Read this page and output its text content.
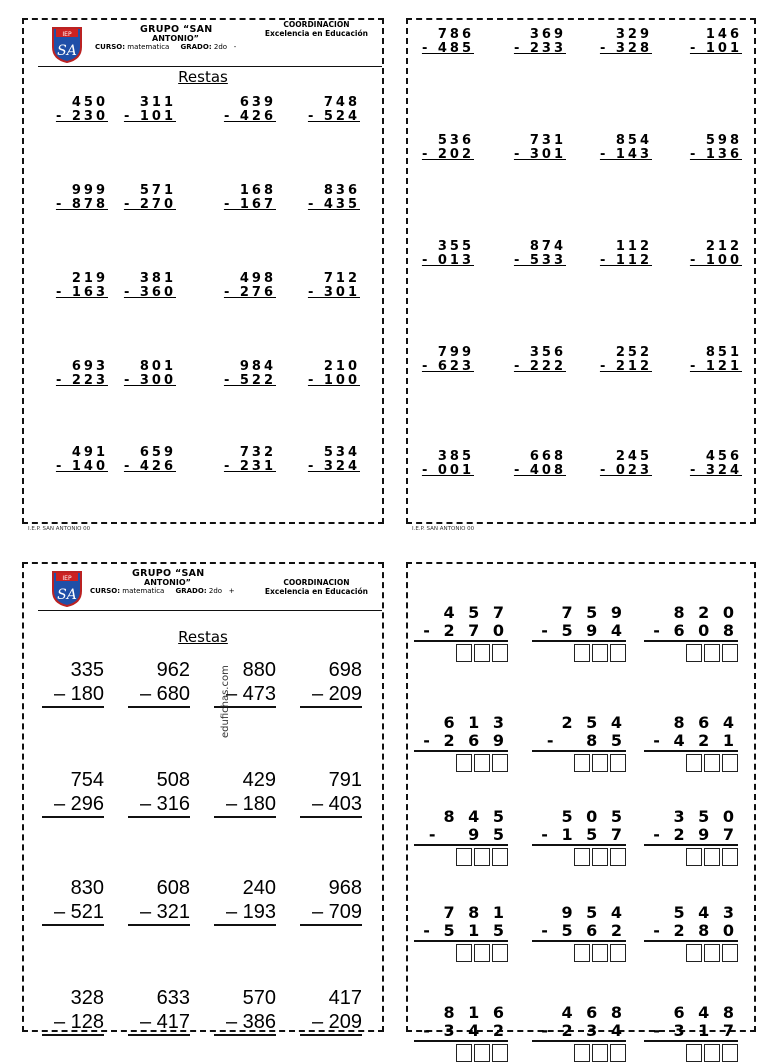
IEP
SA
GRUPO “SAN
ANTONIO”
COORDINACION
Excelencia en Educación
CURSO: matematica GRADO: 2do -
Restas
450
- 230
311
- 101
639
- 426
748
- 524
999
- 878
571
- 270
168
- 167
836
- 435
219
- 163
381
- 360
498
- 276
712
- 301
693
- 223
801
- 300
984
- 522
210
- 100
491
- 140
659
- 426
732
- 231
534
- 324
I.E.P. SAN ANTONIO 00
786
- 485
369
- 233
329
- 328
146
- 101
536
- 202
731
- 301
854
- 143
598
- 136
355
- 013
874
- 533
112
- 112
212
- 100
799
- 623
356
- 222
252
- 212
851
- 121
385
- 001
668
- 408
245
- 023
456
- 324
I.E.P. SAN ANTONIO 00
IEP
SA
GRUPO “SAN
ANTONIO”	COORDINACION
Excelencia en Educación
CURSO: matematica GRADO: 2do +
Restas
335
– 180
962
– 680
880
– 473
698
– 209
754
– 296
508
– 316
429
– 180
791
– 403
830
– 521
608
– 321
240
– 193
968
– 709
328
– 128
633
– 417
570
– 386
417
– 209
edufichas.com
4 5 7
- 2 7 0
7 5 9
- 5 9 4
8 2 0
- 6 0 8
6 1 3
- 2 6 9
2 5 4
-   8 5
8 6 4
- 4 2 1
8 4 5
-   9 5
5 0 5
- 1 5 7
3 5 0
- 2 9 7
7 8 1
- 5 1 5
9 5 4
- 5 6 2
5 4 3
- 2 8 0
8 1 6
- 3 4 2
4 6 8
- 2 3 4
6 4 8
- 3 1 7
